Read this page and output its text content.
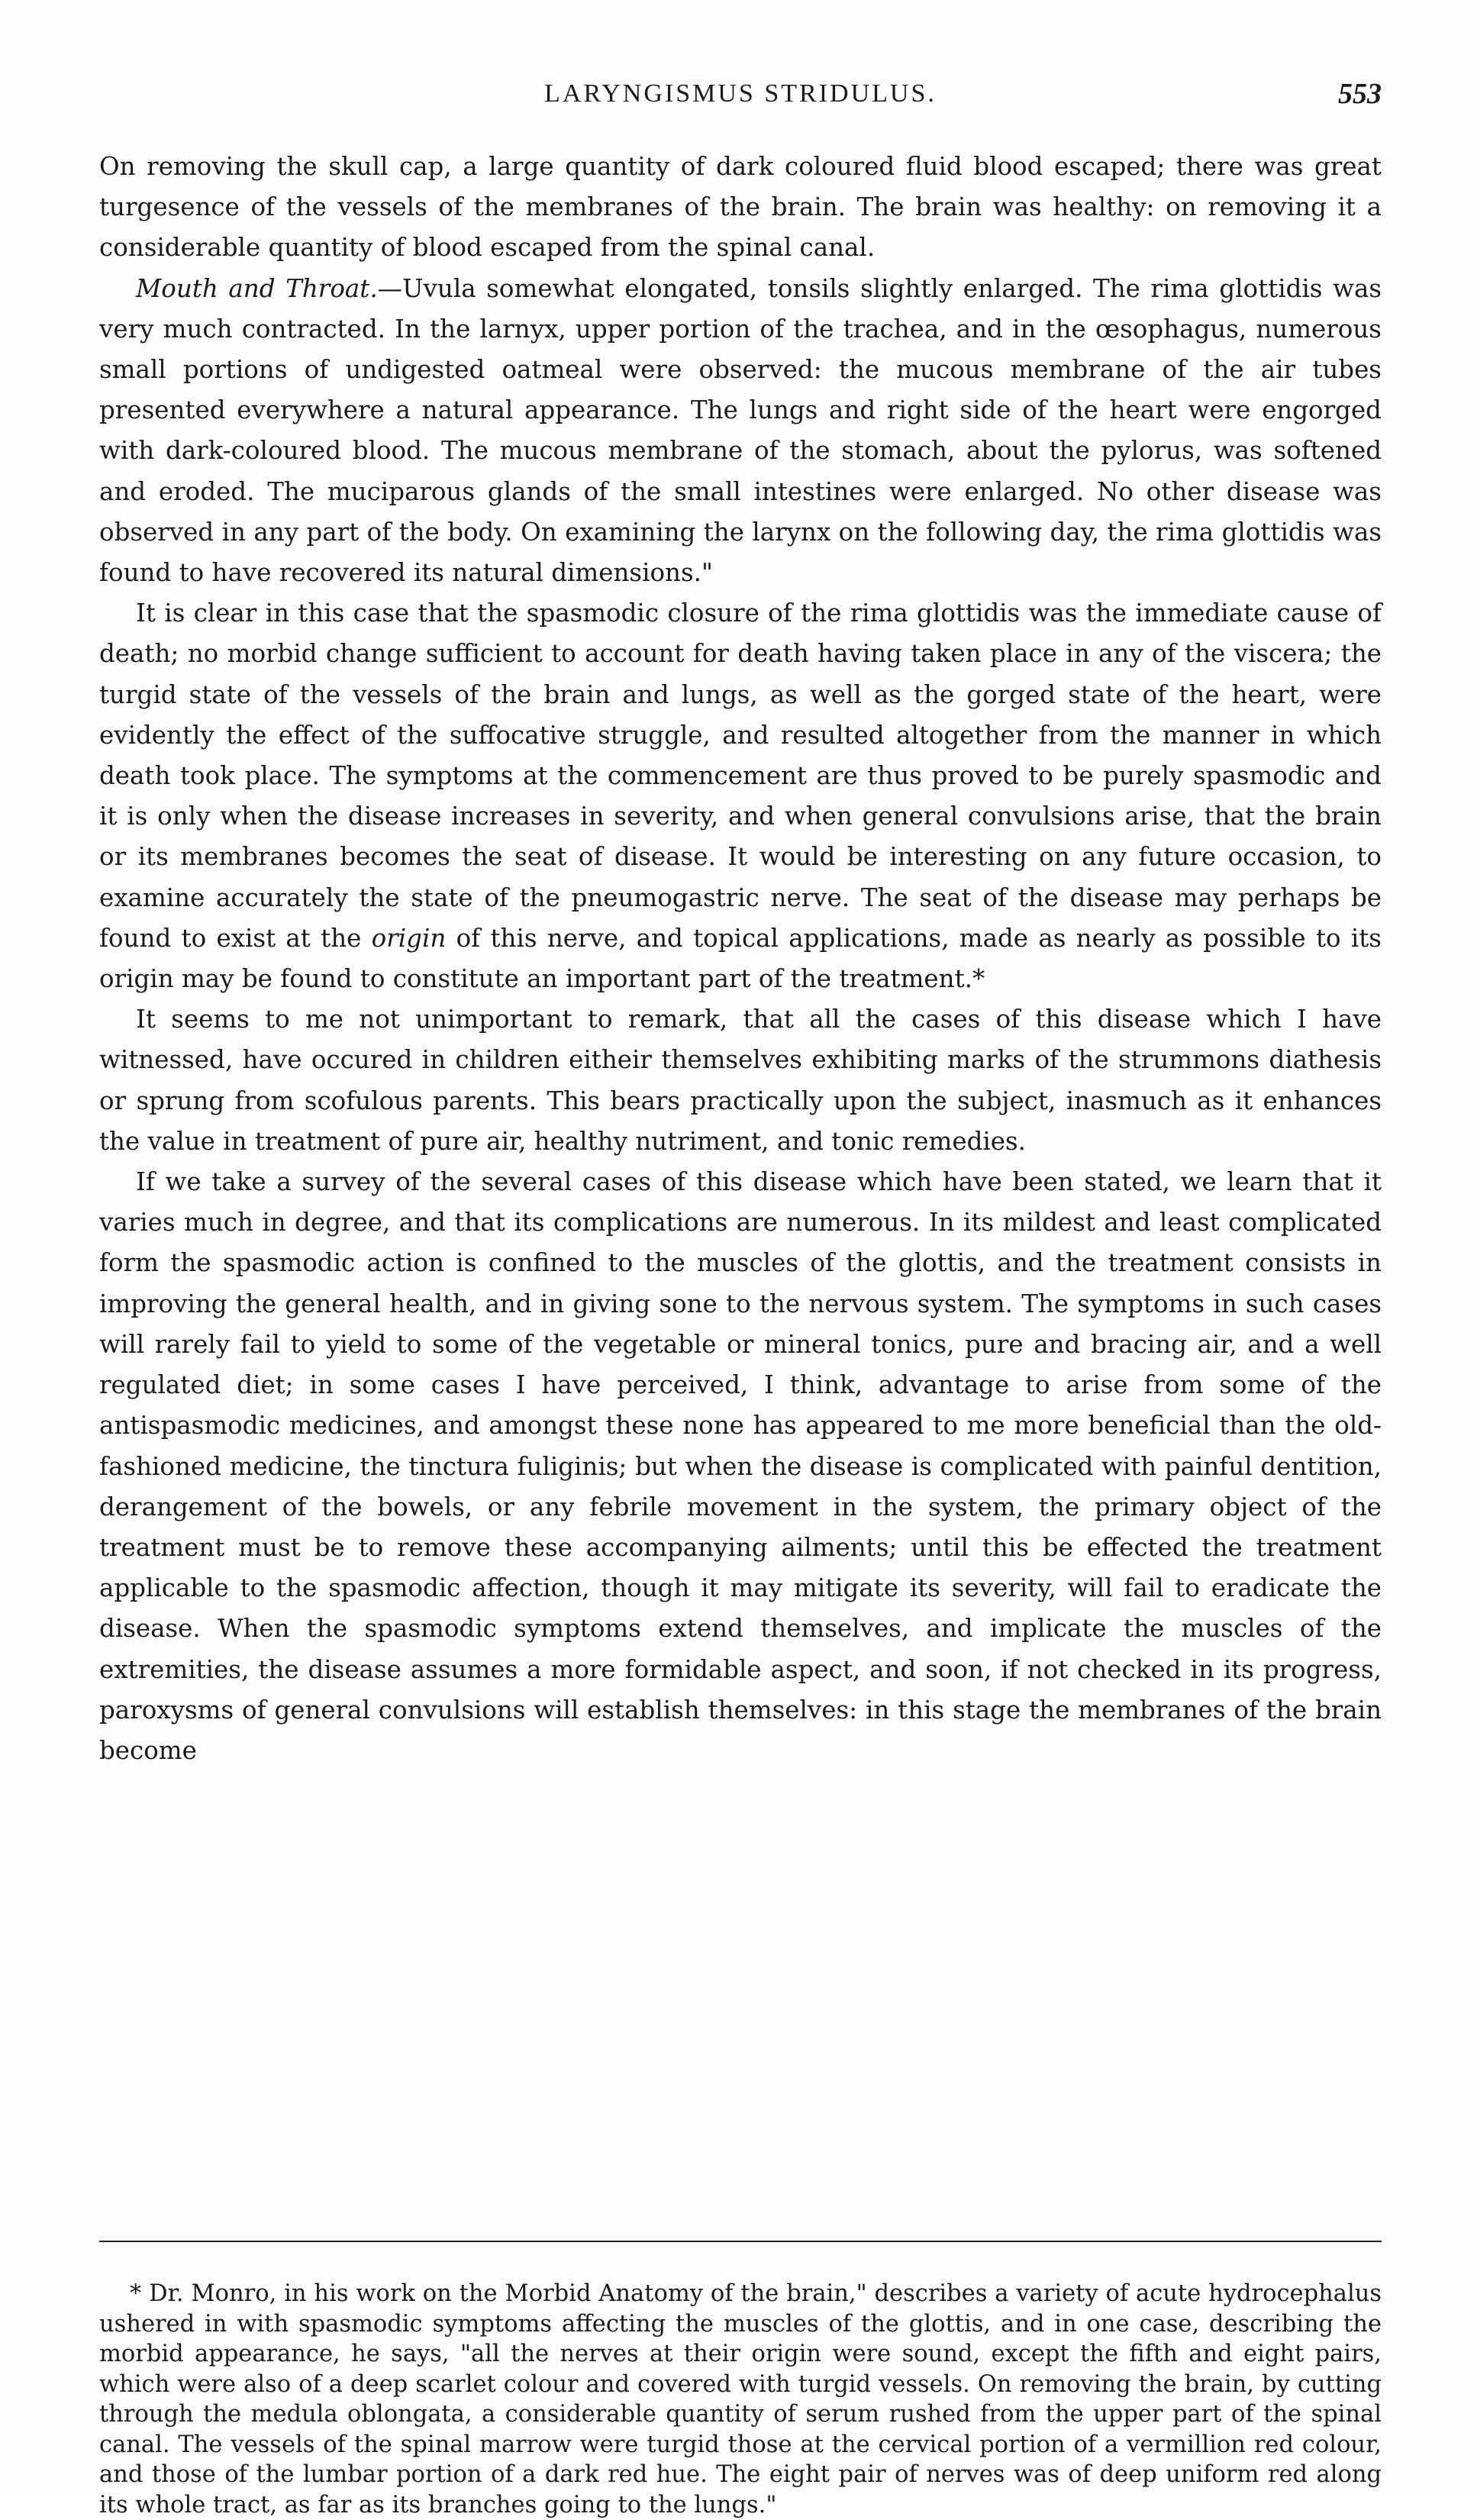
LARYNGISMUS STRIDULUS.	553

On removing the skull cap, a large quantity of dark coloured fluid blood escaped; there was great turgesence of the vessels of the membranes of the brain. The brain was healthy: on removing it a considerable quantity of blood escaped from the spinal canal.

Mouth and Throat.—Uvula somewhat elongated, tonsils slightly enlarged. The rima glottidis was very much contracted. In the larnyx, upper portion of the trachea, and in the œsophagus, numerous small portions of undigested oatmeal were observed: the mucous membrane of the air tubes presented everywhere a natural appearance. The lungs and right side of the heart were engorged with dark-coloured blood. The mucous membrane of the stomach, about the pylorus, was softened and eroded. The muciparous glands of the small intestines were enlarged. No other disease was observed in any part of the body. On examining the larynx on the following day, the rima glottidis was found to have recovered its natural dimensions."

It is clear in this case that the spasmodic closure of the rima glottidis was the immediate cause of death; no morbid change sufficient to account for death having taken place in any of the viscera; the turgid state of the vessels of the brain and lungs, as well as the gorged state of the heart, were evidently the effect of the suffocative struggle, and resulted altogether from the manner in which death took place. The symptoms at the commencement are thus proved to be purely spasmodic and it is only when the disease increases in severity, and when general convulsions arise, that the brain or its membranes becomes the seat of disease. It would be interesting on any future occasion, to examine accurately the state of the pneumogastric nerve. The seat of the disease may perhaps be found to exist at the origin of this nerve, and topical applications, made as nearly as possible to its origin may be found to constitute an important part of the treatment.*

It seems to me not unimportant to remark, that all the cases of this disease which I have witnessed, have occured in children eitheir themselves exhibiting marks of the strummons diathesis or sprung from scofulous parents. This bears practically upon the subject, inasmuch as it enhances the value in treatment of pure air, healthy nutriment, and tonic remedies.

If we take a survey of the several cases of this disease which have been stated, we learn that it varies much in degree, and that its complications are numerous. In its mildest and least complicated form the spasmodic action is confined to the muscles of the glottis, and the treatment consists in improving the general health, and in giving sone to the nervous system. The symptoms in such cases will rarely fail to yield to some of the vegetable or mineral tonics, pure and bracing air, and a well regulated diet; in some cases I have perceived, I think, advantage to arise from some of the antispasmodic medicines, and amongst these none has appeared to me more beneficial than the old-fashioned medicine, the tinctura fuliginis; but when the disease is complicated with painful dentition, derangement of the bowels, or any febrile movement in the system, the primary object of the treatment must be to remove these accompanying ailments; until this be effected the treatment applicable to the spasmodic affection, though it may mitigate its severity, will fail to eradicate the disease. When the spasmodic symptoms extend themselves, and implicate the muscles of the extremities, the disease assumes a more formidable aspect, and soon, if not checked in its progress, paroxysms of general convulsions will establish themselves: in this stage the membranes of the brain become

* Dr. Monro, in his work on the Morbid Anatomy of the brain," describes a variety of acute hydrocephalus ushered in with spasmodic symptoms affecting the muscles of the glottis, and in one case, describing the morbid appearance, he says, "all the nerves at their origin were sound, except the fifth and eight pairs, which were also of a deep scarlet colour and covered with turgid vessels. On removing the brain, by cutting through the medula oblongata, a considerable quantity of serum rushed from the upper part of the spinal canal. The vessels of the spinal marrow were turgid those at the cervical portion of a vermillion red colour, and those of the lumbar portion of a dark red hue. The eight pair of nerves was of deep uniform red along its whole tract, as far as its branches going to the lungs."
